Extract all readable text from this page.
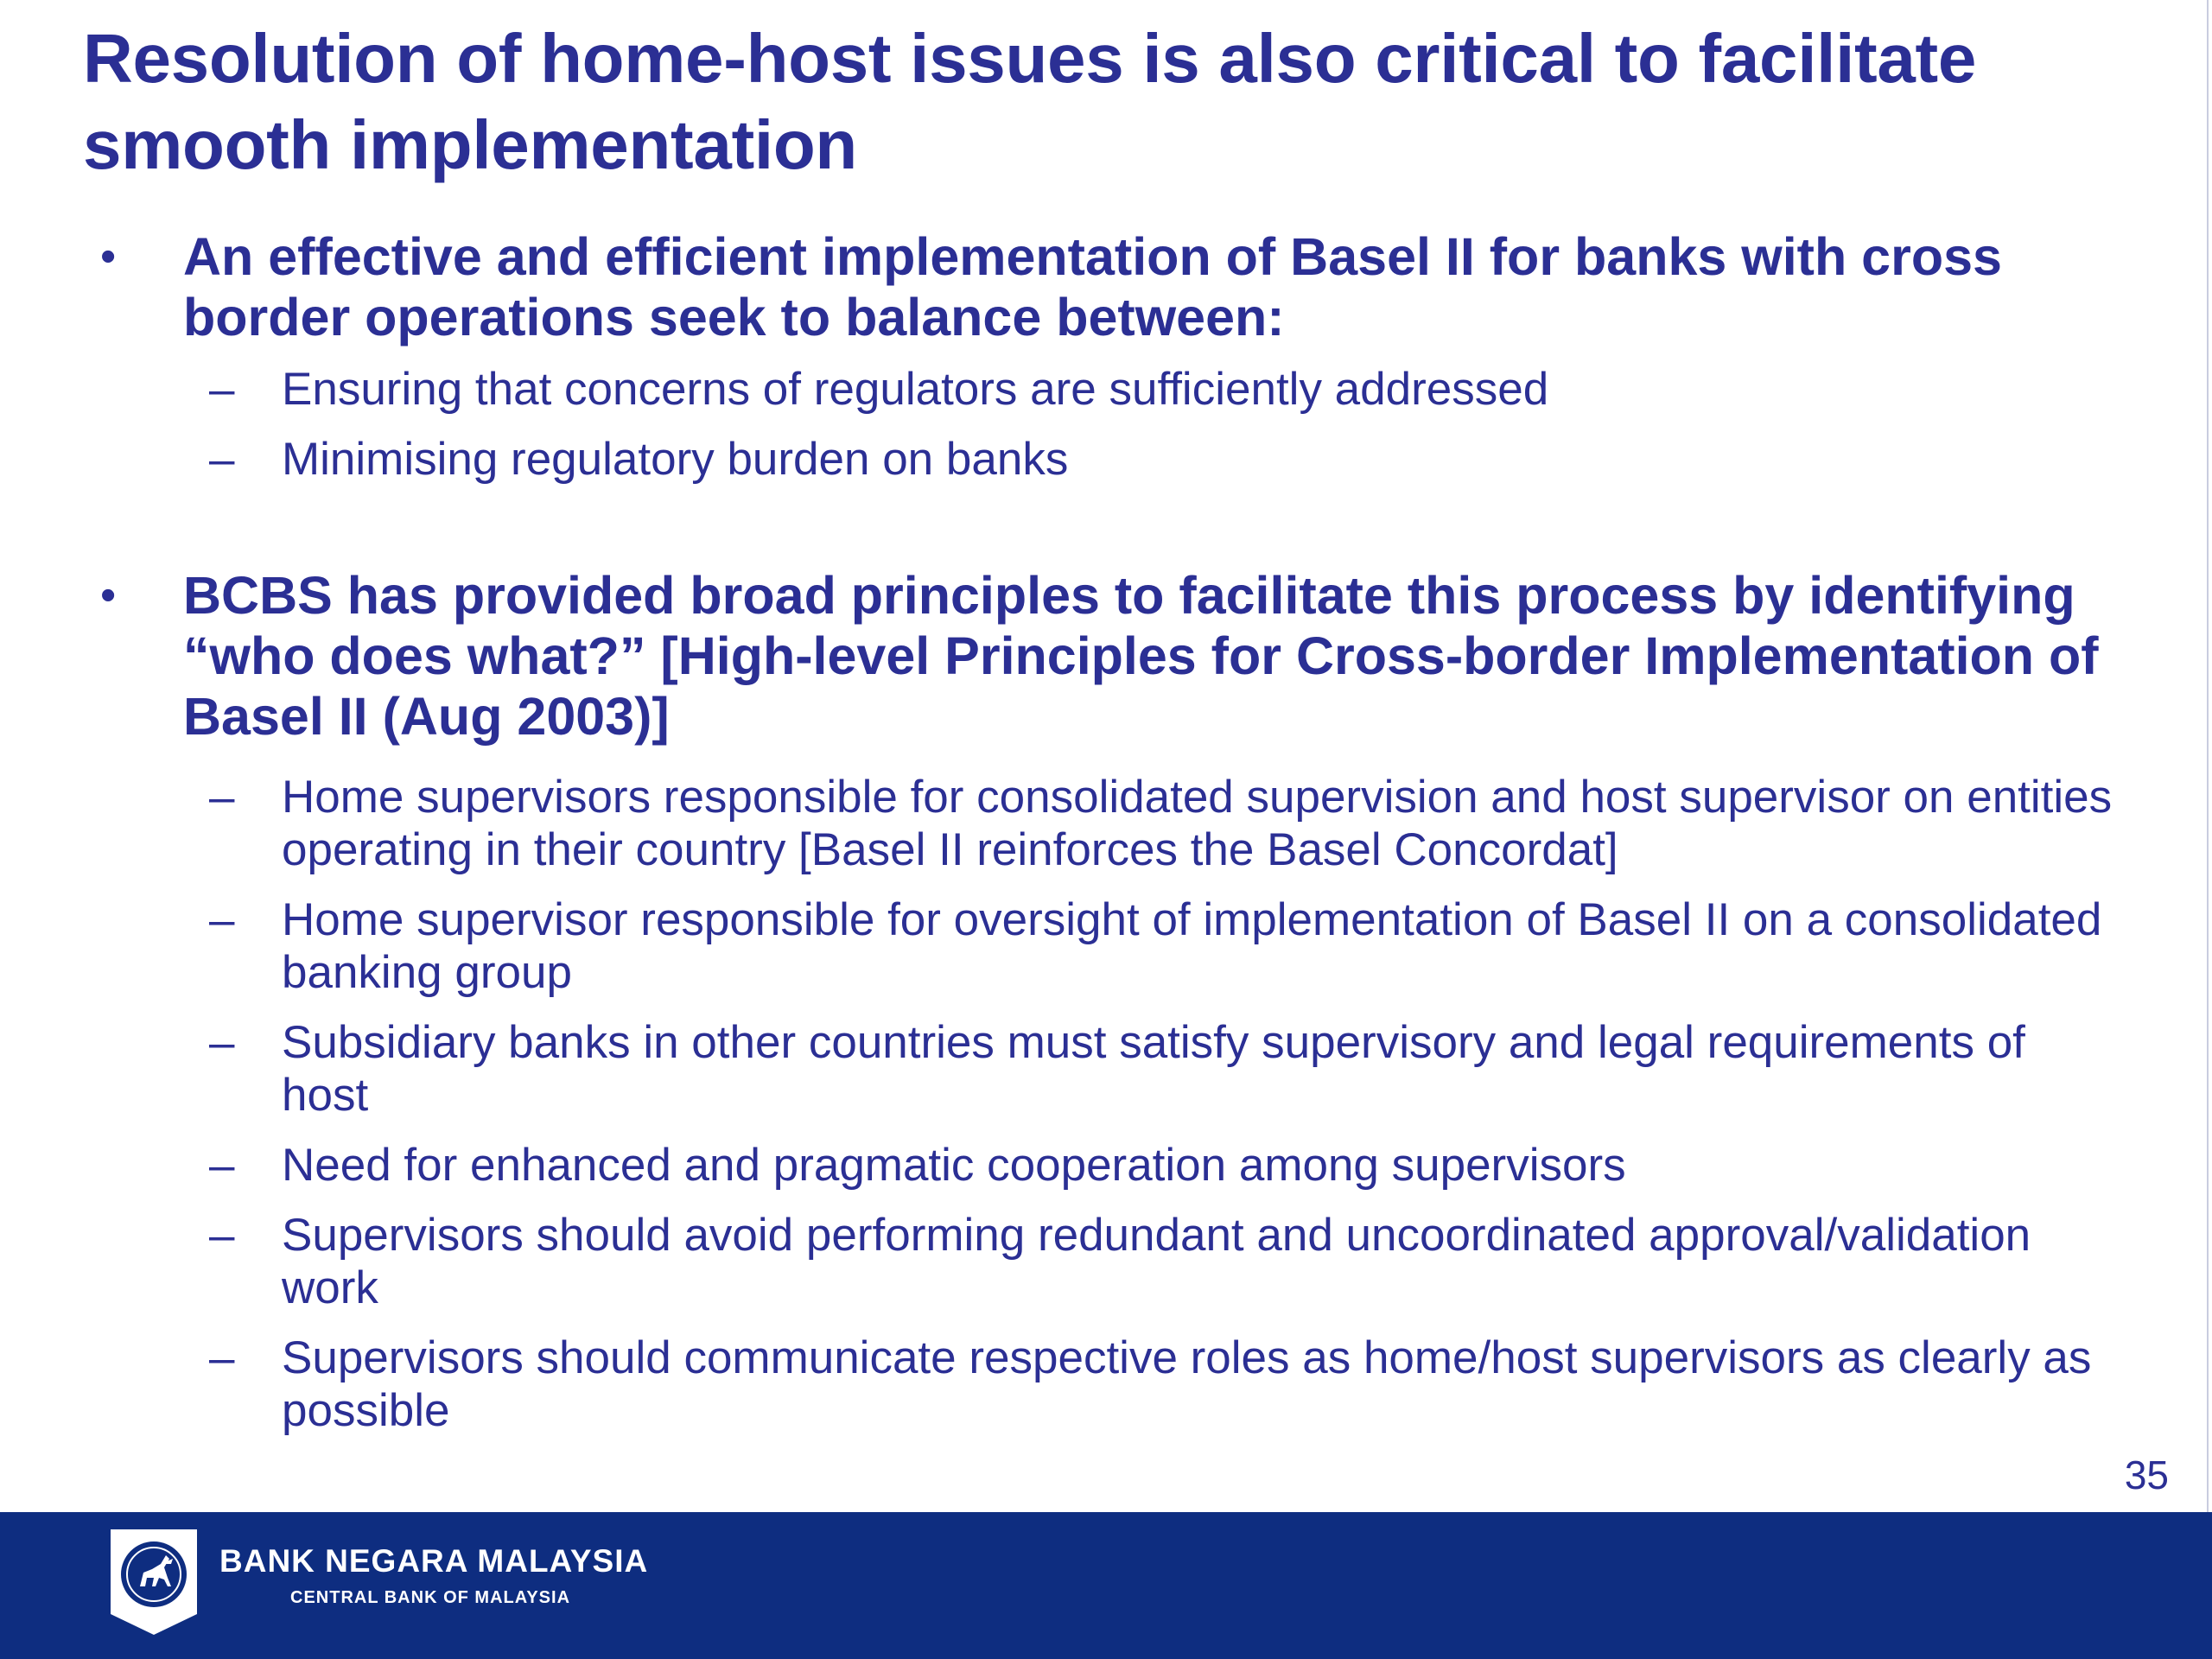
Resolution of home-host issues is also critical to facilitate smooth implementation

• An effective and efficient implementation of Basel II for banks with cross border operations seek to balance between:

– Ensuring that concerns of regulators are sufficiently addressed

– Minimising regulatory burden on banks

• BCBS has provided broad principles to facilitate this process by identifying “who does what?” [High-level Principles for Cross-border Implementation of Basel II (Aug 2003)]

– Home supervisors responsible for consolidated supervision and host supervisor on entities operating in their country [Basel II reinforces the Basel Concordat]

– Home supervisor responsible for oversight of implementation of Basel II on a consolidated banking group

– Subsidiary banks in other countries must satisfy supervisory and legal requirements of host

– Need for enhanced and pragmatic cooperation among supervisors

– Supervisors should avoid performing redundant and uncoordinated approval/validation work

– Supervisors should communicate respective roles as home/host supervisors as clearly as possible

35
BANK NEGARA MALAYSIA
CENTRAL BANK OF MALAYSIA
